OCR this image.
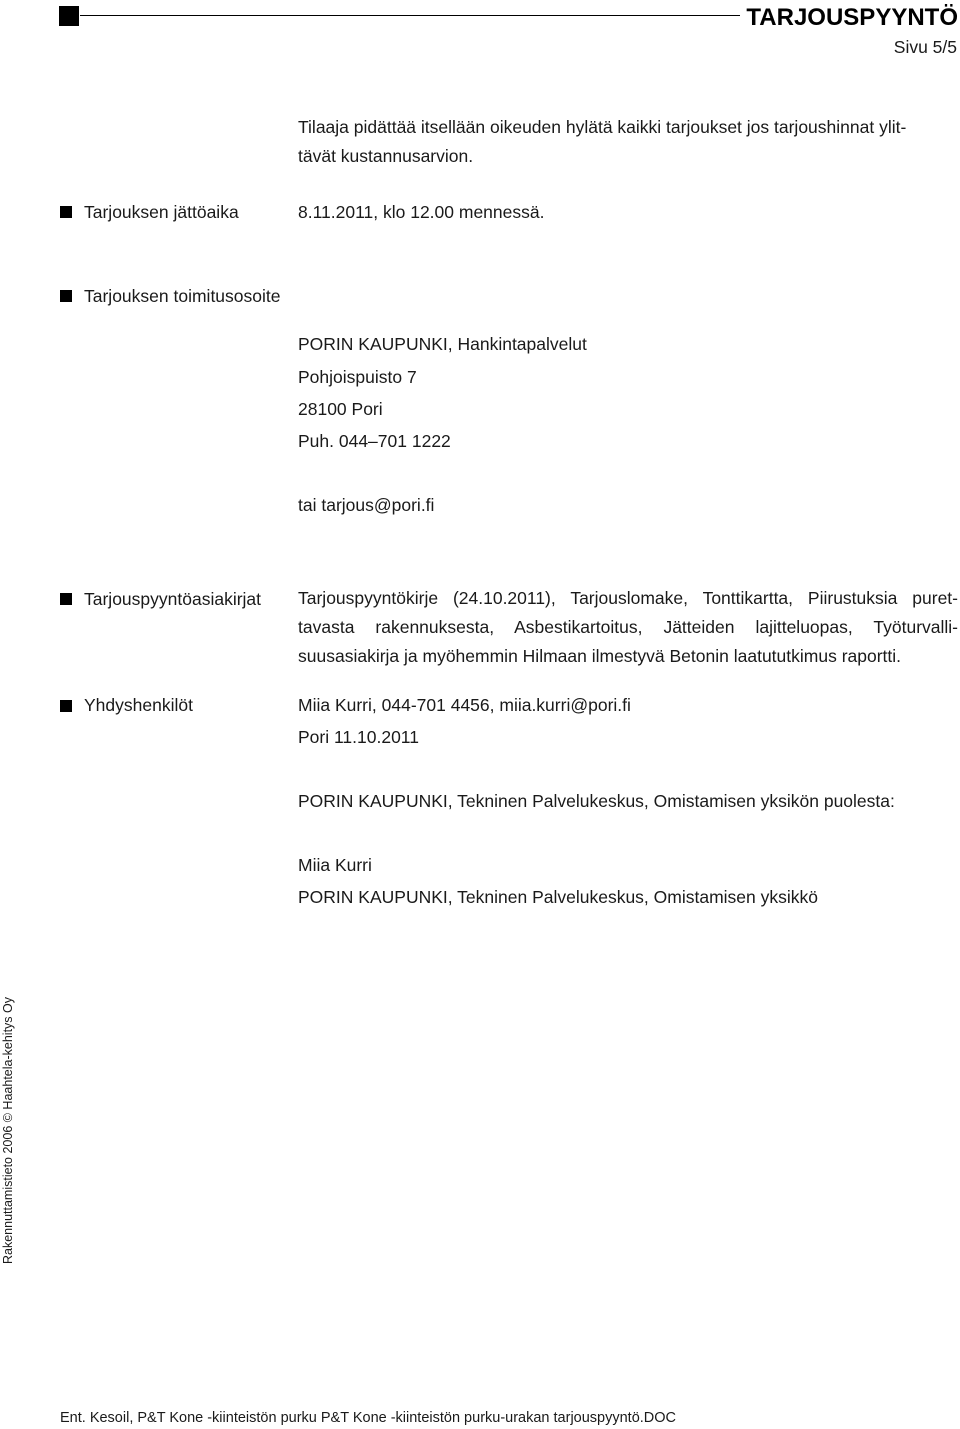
TARJOUSPYYNTÖ
Sivu 5/5
Tilaaja pidättää itsellään oikeuden hylätä kaikki tarjoukset jos tarjoushinnat ylit-
tävät kustannusarvion.
Tarjouksen jättöaika	8.11.2011, klo 12.00 mennessä.
Tarjouksen toimitusosoite
PORIN KAUPUNKI, Hankintapalvelut
Pohjoispuisto 7
28100 Pori
Puh. 044–701 1222
tai tarjous@pori.fi
Tarjouspyyntöasiakirjat Tarjouspyyntökirje (24.10.2011), Tarjouslomake, Tonttikartta, Piirustuksia puret-
tavasta rakennuksesta, Asbestikartoitus, Jätteiden lajitteluopas, Työturvalli-
suusasiakirja ja myöhemmin Hilmaan ilmestyvä Betonin laatututkimus raportti.
Yhdyshenkilöt	Miia Kurri, 044-701 4456, miia.kurri@pori.fi
Pori 11.10.2011
PORIN KAUPUNKI, Tekninen Palvelukeskus, Omistamisen yksikön puolesta:
Miia Kurri
PORIN KAUPUNKI, Tekninen Palvelukeskus, Omistamisen yksikkö
Rakennuttamistieto 2006 © Haahtela-kehitys Oy
Ent. Kesoil, P&T Kone -kiinteistön purku P&T Kone -kiinteistön purku-urakan tarjouspyyntö.DOC
